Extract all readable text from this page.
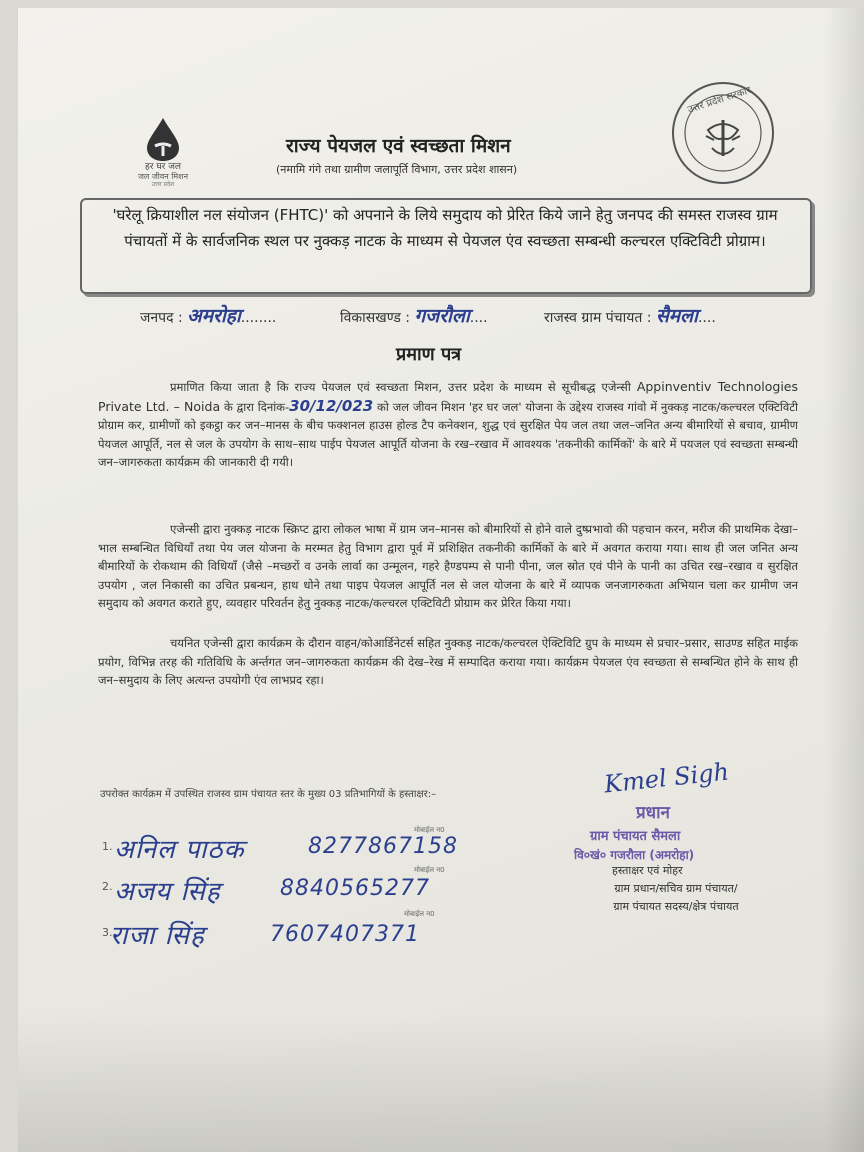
हर घर जल
जल जीवन मिशन
उत्तर प्रदेश
उत्तर प्रदेश सरकार
राज्य पेयजल एवं स्वच्छता मिशन
(नमामि गंगे तथा ग्रामीण जलापूर्ति विभाग, उत्तर प्रदेश शासन)
'घरेलू क्रियाशील नल संयोजन (FHTC)' को अपनाने के लिये समुदाय को प्रेरित किये जाने हेतु जनपद की समस्त राजस्व ग्राम पंचायतों में के सार्वजनिक स्थल पर नुक्कड़ नाटक के माध्यम से पेयजल एंव स्वच्छता सम्बन्धी कल्चरल एक्टिविटी प्रोग्राम।
जनपद : अमरोहा........	विकासखण्ड : गजरौला....	राजस्व ग्राम पंचायत : सैमला....
प्रमाण पत्र
प्रमाणित किया जाता है कि राज्य पेयजल एवं स्वच्छता मिशन, उत्तर प्रदेश के माध्यम से सूचीबद्ध एजेन्सी Appinventiv Technologies Private Ltd. – Noida के द्वारा दिनांक-30/12/023 को जल जीवन मिशन 'हर घर जल' योजना के उद्देश्य राजस्व गांवो में नुक्कड़ नाटक/कल्चरल एक्टिविटी प्रोग्राम कर, ग्रामीणों को इकट्ठा कर जन–मानस के बीच फक्शनल हाउस होल्ड टैप कनेक्शन, शुद्ध एवं सुरक्षित पेय जल तथा जल–जनित अन्य बीमारियों से बचाव, ग्रामीण पेयजल आपूर्ति, नल से जल के उपयोग के साथ–साथ पाईप पेयजल आपूर्ति योजना के रख–रखाव में आवश्यक 'तकनीकी कार्मिकों' के बारे में पयजल एवं स्वच्छता सम्बन्धी जन–जागरुकता कार्यक्रम की जानकारी दी गयी।
एजेन्सी द्वारा नुक्कड़ नाटक स्क्रिप्ट द्वारा लोकल भाषा में ग्राम जन–मानस को बीमारियों से होने वाले दुष्प्रभावो की पहचान करन, मरीज की प्राथमिक देखा–भाल सम्बन्धित विधियाँ तथा पेय जल योजना के मरम्मत हेतु विभाग द्वारा पूर्व में प्रशिक्षित तकनीकी कार्मिकों के बारे में अवगत कराया गया। साथ ही जल जनित अन्य बीमारियों के रोकथाम की विधियाँ (जैसे –मच्छरों व उनके लार्वा का उन्मूलन, गहरे हैण्डपम्प से पानी पीना, जल स्रोत एवं पीने के पानी का उचित रख–रखाव व सुरक्षित उपयोग , जल निकासी का उचित प्रबन्धन, हाथ धोने तथा पाइप पेयजल आपूर्ति नल से जल योजना के बारे में व्यापक जनजागरुकता अभियान चला कर ग्रामीण जन समुदाय को अवगत कराते हुए, व्यवहार परिवर्तन हेतु नुक्कड़ नाटक/कल्चरल एक्टिविटी प्रोग्राम कर प्रेरित किया गया।
चयनित एजेन्सी द्वारा कार्यक्रम के दौरान वाहन/कोआर्डिनेटर्स सहित नुक्कड़ नाटक/कल्चरल ऐक्टिविटि ग्रुप के माध्यम से प्रचार–प्रसार, साउण्ड सहित माईक प्रयोग, विभिन्न तरह की गतिविधि के अर्न्तगत जन–जागरुकता कार्यक्रम की देख–रेख में सम्पादित कराया गया। कार्यक्रम पेयजल एंव स्वच्छता से सम्बन्धित होने के साथ ही जन–समुदाय के लिए अत्यन्त उपयोगी एंव लाभप्रद रहा।
उपरोक्त कार्यक्रम में उपस्थित राजस्व ग्राम पंचायत स्तर के मुख्य 03 प्रतिभागियों के हस्ताक्षर:–
मोबाईल न0
1. अनिल पाठक	8277867158
मोबाईल न0
2. अजय सिंह	8840565277
मोबाईल न0
3.
राजा सिंह	7607407371
Kmel Sigh
प्रधान
ग्राम पंचायत सैमला
वि०खं० गजरौला (अमरोहा)
हस्ताक्षर एवं मोहर
ग्राम प्रधान/सचिव ग्राम पंचायत/
ग्राम पंचायत सदस्य/क्षेत्र पंचायत
